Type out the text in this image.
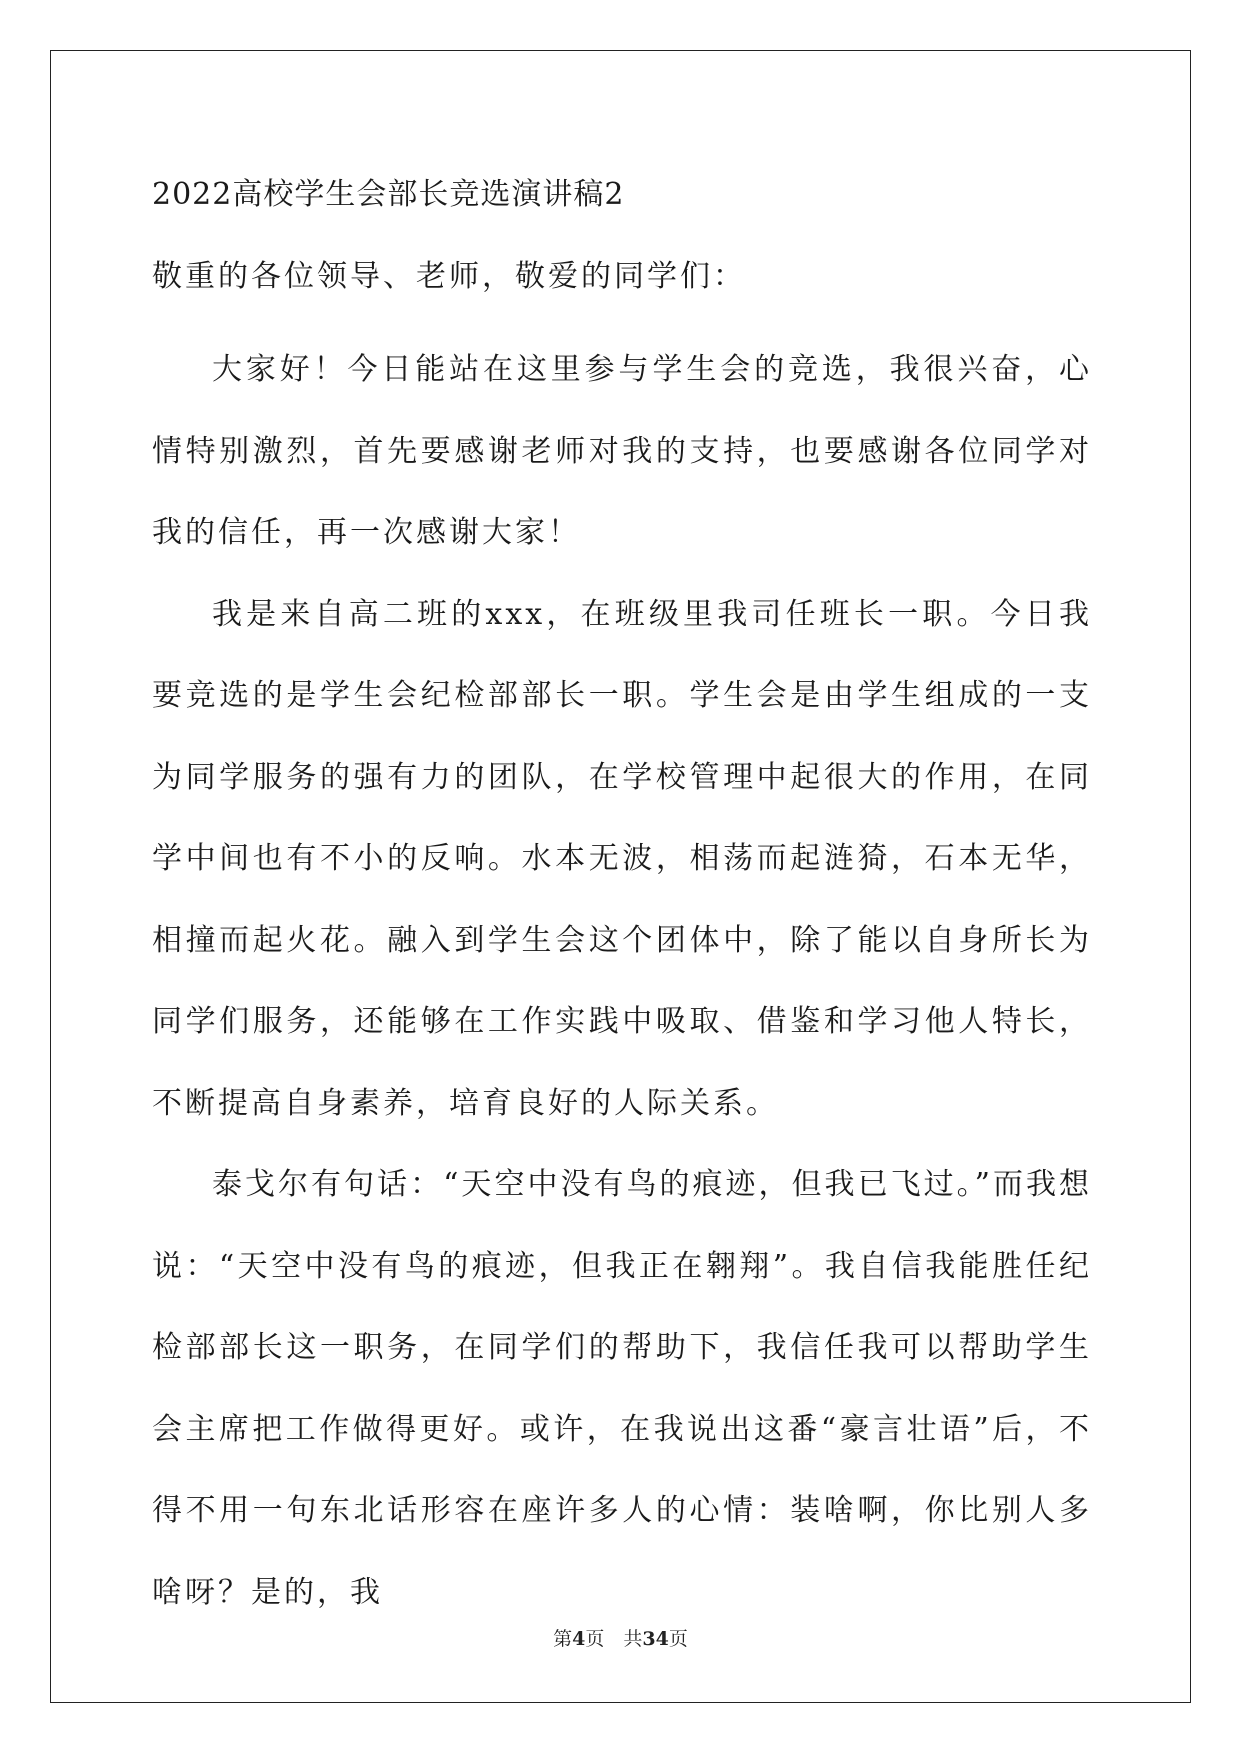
2022高校学生会部长竞选演讲稿2

敬重的各位领导、老师，敬爱的同学们：

大家好！今日能站在这里参与学生会的竞选，我很兴奋，心情特别激烈，首先要感谢老师对我的支持，也要感谢各位同学对我的信任，再一次感谢大家！

我是来自高二班的xxx，在班级里我司任班长一职。今日我要竞选的是学生会纪检部部长一职。学生会是由学生组成的一支为同学服务的强有力的团队，在学校管理中起很大的作用，在同学中间也有不小的反响。水本无波，相荡而起涟猗，石本无华，相撞而起火花。融入到学生会这个团体中，除了能以自身所长为同学们服务，还能够在工作实践中吸取、借鉴和学习他人特长，不断提高自身素养，培育良好的人际关系。

泰戈尔有句话：“天空中没有鸟的痕迹，但我已飞过。”而我想说：“天空中没有鸟的痕迹，但我正在翱翔”。我自信我能胜任纪检部部长这一职务，在同学们的帮助下，我信任我可以帮助学生会主席把工作做得更好。或许，在我说出这番“豪言壮语”后，不得不用一句东北话形容在座许多人的心情：装啥啊，你比别人多啥呀？是的，我

第4页　共34页
